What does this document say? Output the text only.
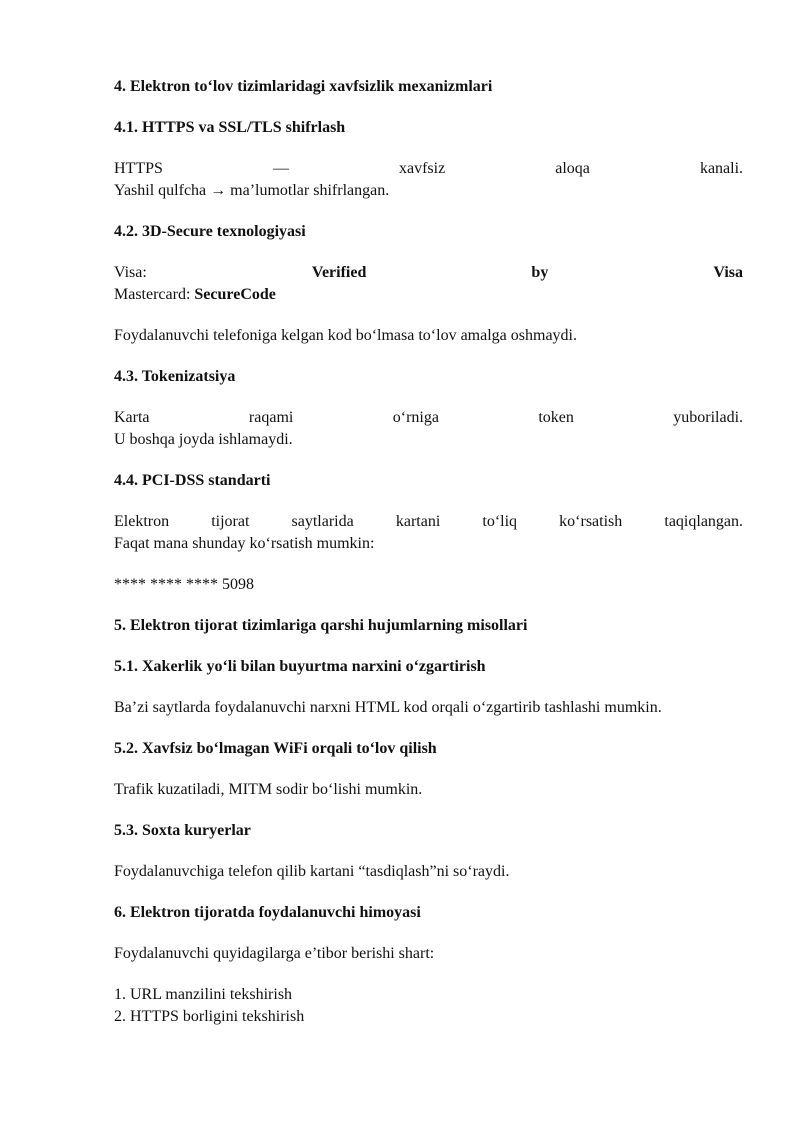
4. Elektron to‘lov tizimlaridagi xavfsizlik mexanizmlari

4.1. HTTPS va SSL/TLS shifrlash

HTTPS	—	xavfsiz	aloqa	kanali.

Yashil qulfcha → ma’lumotlar shifrlangan.

4.2. 3D-Secure texnologiyasi

Visa:	Verified	by	Visa

Mastercard: SecureCode

Foydalanuvchi telefoniga kelgan kod bo‘lmasa to‘lov amalga oshmaydi.

4.3. Tokenizatsiya

Karta	raqami	o‘rniga	token	yuboriladi.

U boshqa joyda ishlamaydi.

4.4. PCI-DSS standarti

Elektron	tijorat	saytlarida	kartani	to‘liq	ko‘rsatish	taqiqlangan.

Faqat mana shunday ko‘rsatish mumkin:

**** **** **** 5098

5. Elektron tijorat tizimlariga qarshi hujumlarning misollari

5.1. Xakerlik yo‘li bilan buyurtma narxini o‘zgartirish

Ba’zi saytlarda foydalanuvchi narxni HTML kod orqali o‘zgartirib tashlashi mumkin.

5.2. Xavfsiz bo‘lmagan WiFi orqali to‘lov qilish

Trafik kuzatiladi, MITM sodir bo‘lishi mumkin.

5.3. Soxta kuryerlar

Foydalanuvchiga telefon qilib kartani “tasdiqlash”ni so‘raydi.

6. Elektron tijoratda foydalanuvchi himoyasi

Foydalanuvchi quyidagilarga e’tibor berishi shart:

1. URL manzilini tekshirish

2. HTTPS borligini tekshirish
